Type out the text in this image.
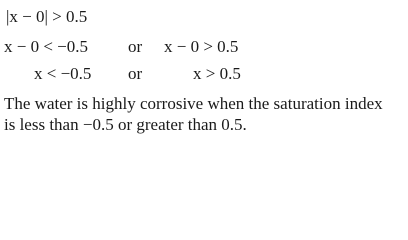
|x − 0| > 0.5
x − 0 < −0.5 or x − 0 > 0.5
x < −0.5 or	x > 0.5
The water is highly corrosive when the saturation index
is less than −0.5 or greater than 0.5.
